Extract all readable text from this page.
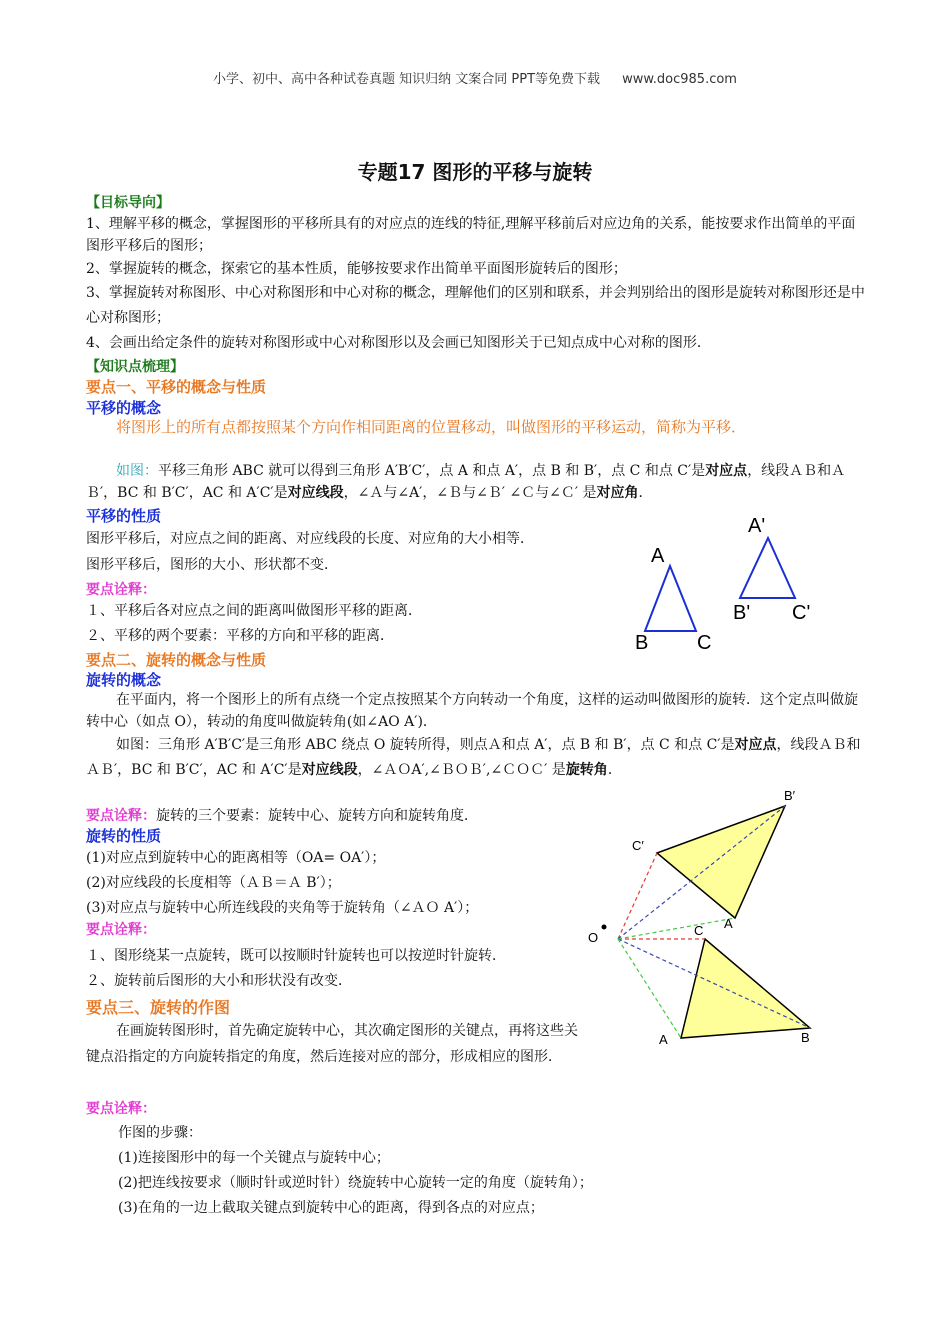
小学、初中、高中各种试卷真题 知识归纳 文案合同 PPT等免费下载 www.doc985.com
专题17 图形的平移与旋转
【目标导向】
1、理解平移的概念，掌握图形的平移所具有的对应点的连线的特征,理解平移前后对应边角的关系，能按要求作出简单的平面图形平移后的图形；
2、掌握旋转的概念，探索它的基本性质，能够按要求作出简单平面图形旋转后的图形；
3、掌握旋转对称图形、中心对称图形和中心对称的概念，理解他们的区别和联系，并会判别给出的图形是旋转对称图形还是中心对称图形；
4、会画出给定条件的旋转对称图形或中心对称图形以及会画已知图形关于已知点成中心对称的图形．
【知识点梳理】
要点一、平移的概念与性质
平移的概念
将图形上的所有点都按照某个方向作相同距离的位置移动，叫做图形的平移运动，简称为平移．
如图：平移三角形 ABC 就可以得到三角形 A′B′C′，点 A 和点 A′，点 B 和 B′，点 C 和点 C′是对应点，线段ＡＢ和ＡＢ′，BC 和 B′C′，AC 和 A′C′是对应线段，∠Ａ与∠A′，∠Ｂ与∠Ｂ′ ∠Ｃ与∠Ｃ′ 是对应角．
平移的性质
图形平移后，对应点之间的距离、对应线段的长度、对应角的大小相等．
图形平移后，图形的大小、形状都不变．
要点诠释：
１、平移后各对应点之间的距离叫做图形平移的距离．
２、平移的两个要素：平移的方向和平移的距离．
A
B C
A'
B' C'
要点二、旋转的概念与性质
旋转的概念
在平面内，将一个图形上的所有点绕一个定点按照某个方向转动一个角度，这样的运动叫做图形的旋转．这个定点叫做旋转中心（如点 O），转动的角度叫做旋转角(如∠AO A′)．
如图：三角形 A′B′C′是三角形 ABC 绕点 O 旋转所得，则点Ａ和点 A′，点 B 和 B′，点 C 和点 C′是对应点，线段ＡＢ和ＡＢ′，BC 和 B′C′，AC 和 A′C′是对应线段，∠ＡＯA′,∠ＢＯＢ′,∠ＣＯＣ′ 是旋转角．
要点诠释：旋转的三个要素：旋转中心、旋转方向和旋转角度．
旋转的性质
(1)对应点到旋转中心的距离相等（OA= OA′）；
(2)对应线段的长度相等（ＡＢ＝Ａ B′）；
(3)对应点与旋转中心所连线段的夹角等于旋转角（∠ＡＯ A′）；
要点诠释：
１、图形绕某一点旋转，既可以按顺时针旋转也可以按逆时针旋转．
２、旋转前后图形的大小和形状没有改变．
O
A	B
C A
B′
C′
要点三、旋转的作图
在画旋转图形时，首先确定旋转中心，其次确定图形的关键点，再将这些关键点沿指定的方向旋转指定的角度，然后连接对应的部分，形成相应的图形．
要点诠释：
作图的步骤：
(1)连接图形中的每一个关键点与旋转中心；
(2)把连线按要求（顺时针或逆时针）绕旋转中心旋转一定的角度（旋转角）；
(3)在角的一边上截取关键点到旋转中心的距离，得到各点的对应点；
